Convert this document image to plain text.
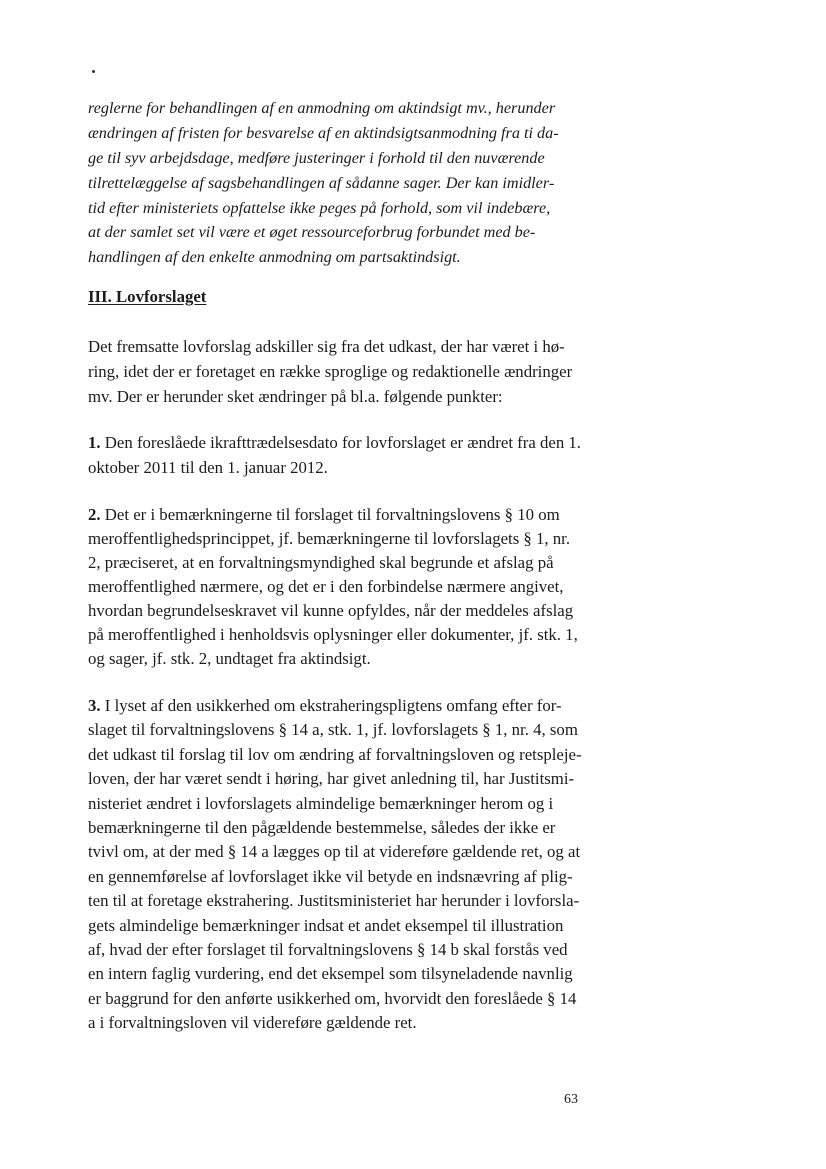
reglerne for behandlingen af en anmodning om aktindsigt mv., herunder
ændringen af fristen for besvarelse af en aktindsigtsanmodning fra ti da-
ge til syv arbejdsdage, medføre justeringer i forhold til den nuværende
tilrettelæggelse af sagsbehandlingen af sådanne sager. Der kan imidler-
tid efter ministeriets opfattelse ikke peges på forhold, som vil indebære,
at der samlet set vil være et øget ressourceforbrug forbundet med be-
handlingen af den enkelte anmodning om partsaktindsigt.
III. Lovforslaget
Det fremsatte lovforslag adskiller sig fra det udkast, der har været i hø-
ring, idet der er foretaget en række sproglige og redaktionelle ændringer
mv. Der er herunder sket ændringer på bl.a. følgende punkter:
1. Den foreslåede ikrafttrædelsesdato for lovforslaget er ændret fra den 1.
oktober 2011 til den 1. januar 2012.
2. Det er i bemærkningerne til forslaget til forvaltningslovens § 10 om
meroffentlighedsprincippet, jf. bemærkningerne til lovforslagets § 1, nr.
2, præciseret, at en forvaltningsmyndighed skal begrunde et afslag på
meroffentlighed nærmere, og det er i den forbindelse nærmere angivet,
hvordan begrundelseskravet vil kunne opfyldes, når der meddeles afslag
på meroffentlighed i henholdsvis oplysninger eller dokumenter, jf. stk. 1,
og sager, jf. stk. 2, undtaget fra aktindsigt.
3. I lyset af den usikkerhed om ekstraheringspligtens omfang efter for-
slaget til forvaltningslovens § 14 a, stk. 1, jf. lovforslagets § 1, nr. 4, som
det udkast til forslag til lov om ændring af forvaltningsloven og retspleje-
loven, der har været sendt i høring, har givet anledning til, har Justitsmi-
nisteriet ændret i lovforslagets almindelige bemærkninger herom og i
bemærkningerne til den pågældende bestemmelse, således der ikke er
tvivl om, at der med § 14 a lægges op til at videreføre gældende ret, og at
en gennemførelse af lovforslaget ikke vil betyde en indsnævring af plig-
ten til at foretage ekstrahering. Justitsministeriet har herunder i lovforsla-
gets almindelige bemærkninger indsat et andet eksempel til illustration
af, hvad der efter forslaget til forvaltningslovens § 14 b skal forstås ved
en intern faglig vurdering, end det eksempel som tilsyneladende navnlig
er baggrund for den anførte usikkerhed om, hvorvidt den foreslåede § 14
a i forvaltningsloven vil videreføre gældende ret.
63
